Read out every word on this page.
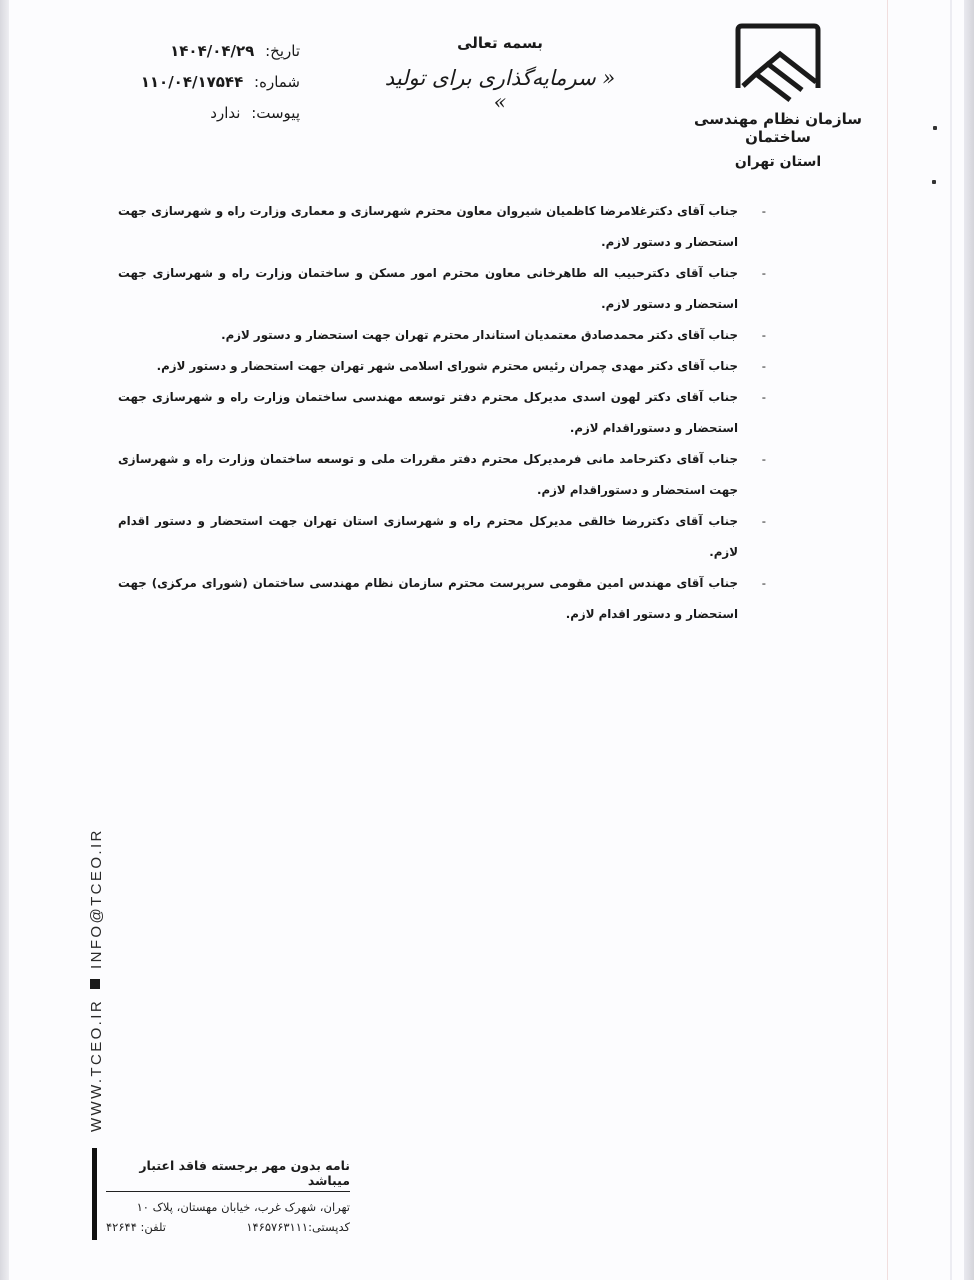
سازمان نظام مهندسی ساختمان
استان تهران
بسمه تعالی
« سرمایه‌گذاری برای تولید »
تاریخ: ۱۴۰۴/۰۴/۲۹
شماره: ۱۱۰/۰۴/۱۷۵۴۴
پیوست: ندارد
-
جناب آقای دکترغلامرضا کاظمیان شیروان معاون محترم شهرسازی و معماری وزارت راه و شهرسازی جهت استحضار و دستور لازم.
-
جناب آقای دکترحبیب اله طاهرخانی معاون محترم امور مسکن و ساختمان وزارت راه و شهرسازی جهت استحضار و دستور لازم.
-
جناب آقای دکتر محمدصادق معتمدیان استاندار محترم تهران جهت استحضار و دستور لازم.
-
جناب آقای دکتر مهدی چمران رئیس محترم شورای اسلامی شهر تهران جهت استحضار و دستور لازم.
-
جناب آقای دکتر لهون اسدی مدیرکل محترم دفتر توسعه مهندسی ساختمان وزارت راه و شهرسازی جهت استحضار و دستوراقدام لازم.
-
جناب آقای دکترحامد مانی فرمدیرکل محترم دفتر مقررات ملی و توسعه ساختمان وزارت راه و شهرسازی جهت استحضار و دستوراقدام لازم.
-
جناب آقای دکتررضا خالقی مدیرکل محترم راه و شهرسازی استان تهران جهت استحضار و دستور اقدام لازم.
-
جناب آقای مهندس امین مقومی سرپرست محترم سازمان نظام مهندسی ساختمان (شورای مرکزی) جهت استحضار و دستور اقدام لازم.
WWW.TCEO.IRINFO@TCEO.IR
نامه بدون مهر برجسته فاقد اعتبار میباشد
تهران، شهرک غرب، خیابان مهستان، پلاک ۱۰
کدپستی:۱۴۶۵۷۶۳۱۱۱
تلفن: ۴۲۶۴۴
